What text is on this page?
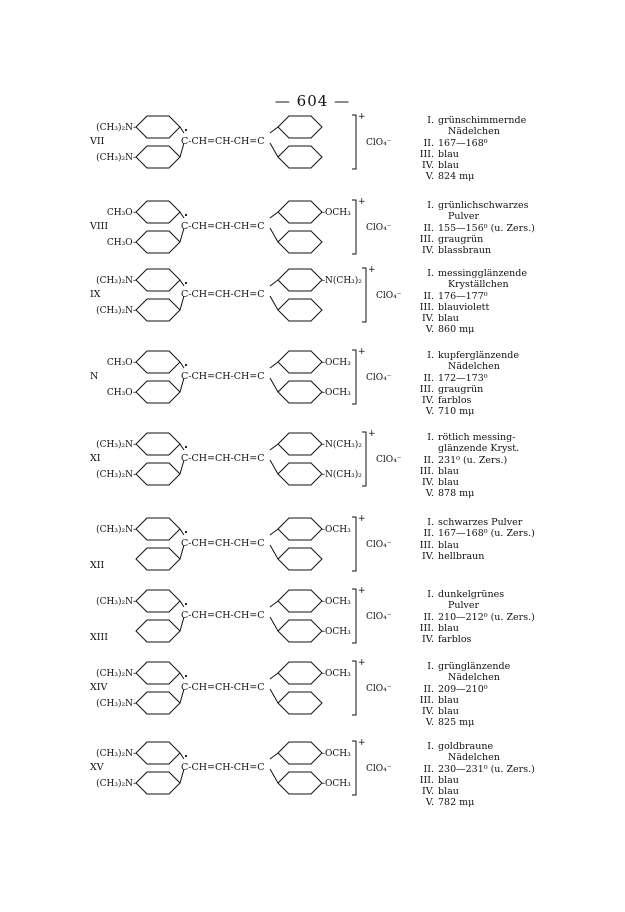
— 604 —
C-CH=CH-CH=C
(CH₃)₂N-
(CH₃)₂N-
VII
+
ClO₄⁻
I. grünschimmernde
Nädelchen
II. 167—168⁰
III. blau
IV. blau
V. 824 mμ
C-CH=CH-CH=C
CH₃O-
CH₃O-
-OCH₃
VIII
+
ClO₄⁻
I. grünlichschwarzes
Pulver
II. 155—156⁰ (u. Zers.)
III. graugrün
IV. blassbraun
C-CH=CH-CH=C
(CH₃)₂N-
(CH₃)₂N-
-N(CH₃)₂
IX
+
ClO₄⁻
I. messingglänzende
Kryställchen
II. 176—177⁰
III. blauviolett
IV. blau
V. 860 mμ
C-CH=CH-CH=C
CH₃O-
CH₃O-
-OCH₃
-OCH₃
N
+
ClO₄⁻
I. kupferglänzende
Nädelchen
II. 172—173⁰
III. graugrün
IV. farblos
V. 710 mμ
C-CH=CH-CH=C
(CH₃)₂N-
(CH₃)₂N-
-N(CH₃)₂
-N(CH₃)₂
XI
+
ClO₄⁻
I. rötlich messing-
glänzende Kryst.
II. 231⁰ (u. Zers.)
III. blau
IV. blau
V. 878 mμ
C-CH=CH-CH=C
(CH₃)₂N-	-OCH₃
XII
+
ClO₄⁻
I. schwarzes Pulver
II. 167—168⁰ (u. Zers.)
III. blau
IV. hellbraun
C-CH=CH-CH=C
(CH₃)₂N-	-OCH₃
-OCH₃
XIII
+
ClO₄⁻
I. dunkelgrünes
Pulver
II. 210—212⁰ (u. Zers.)
III. blau
IV. farblos
C-CH=CH-CH=C
(CH₃)₂N-
(CH₃)₂N-
-OCH₃
XIV
+
ClO₄⁻
I. grünglänzende
Nädelchen
II. 209—210⁰
III. blau
IV. blau
V. 825 mμ
C-CH=CH-CH=C
(CH₃)₂N-
(CH₃)₂N-
-OCH₃
-OCH₃
XV
+
ClO₄⁻
I. goldbraune
Nädelchen
II. 230—231⁰ (u. Zers.)
III. blau
IV. blau
V. 782 mμ
